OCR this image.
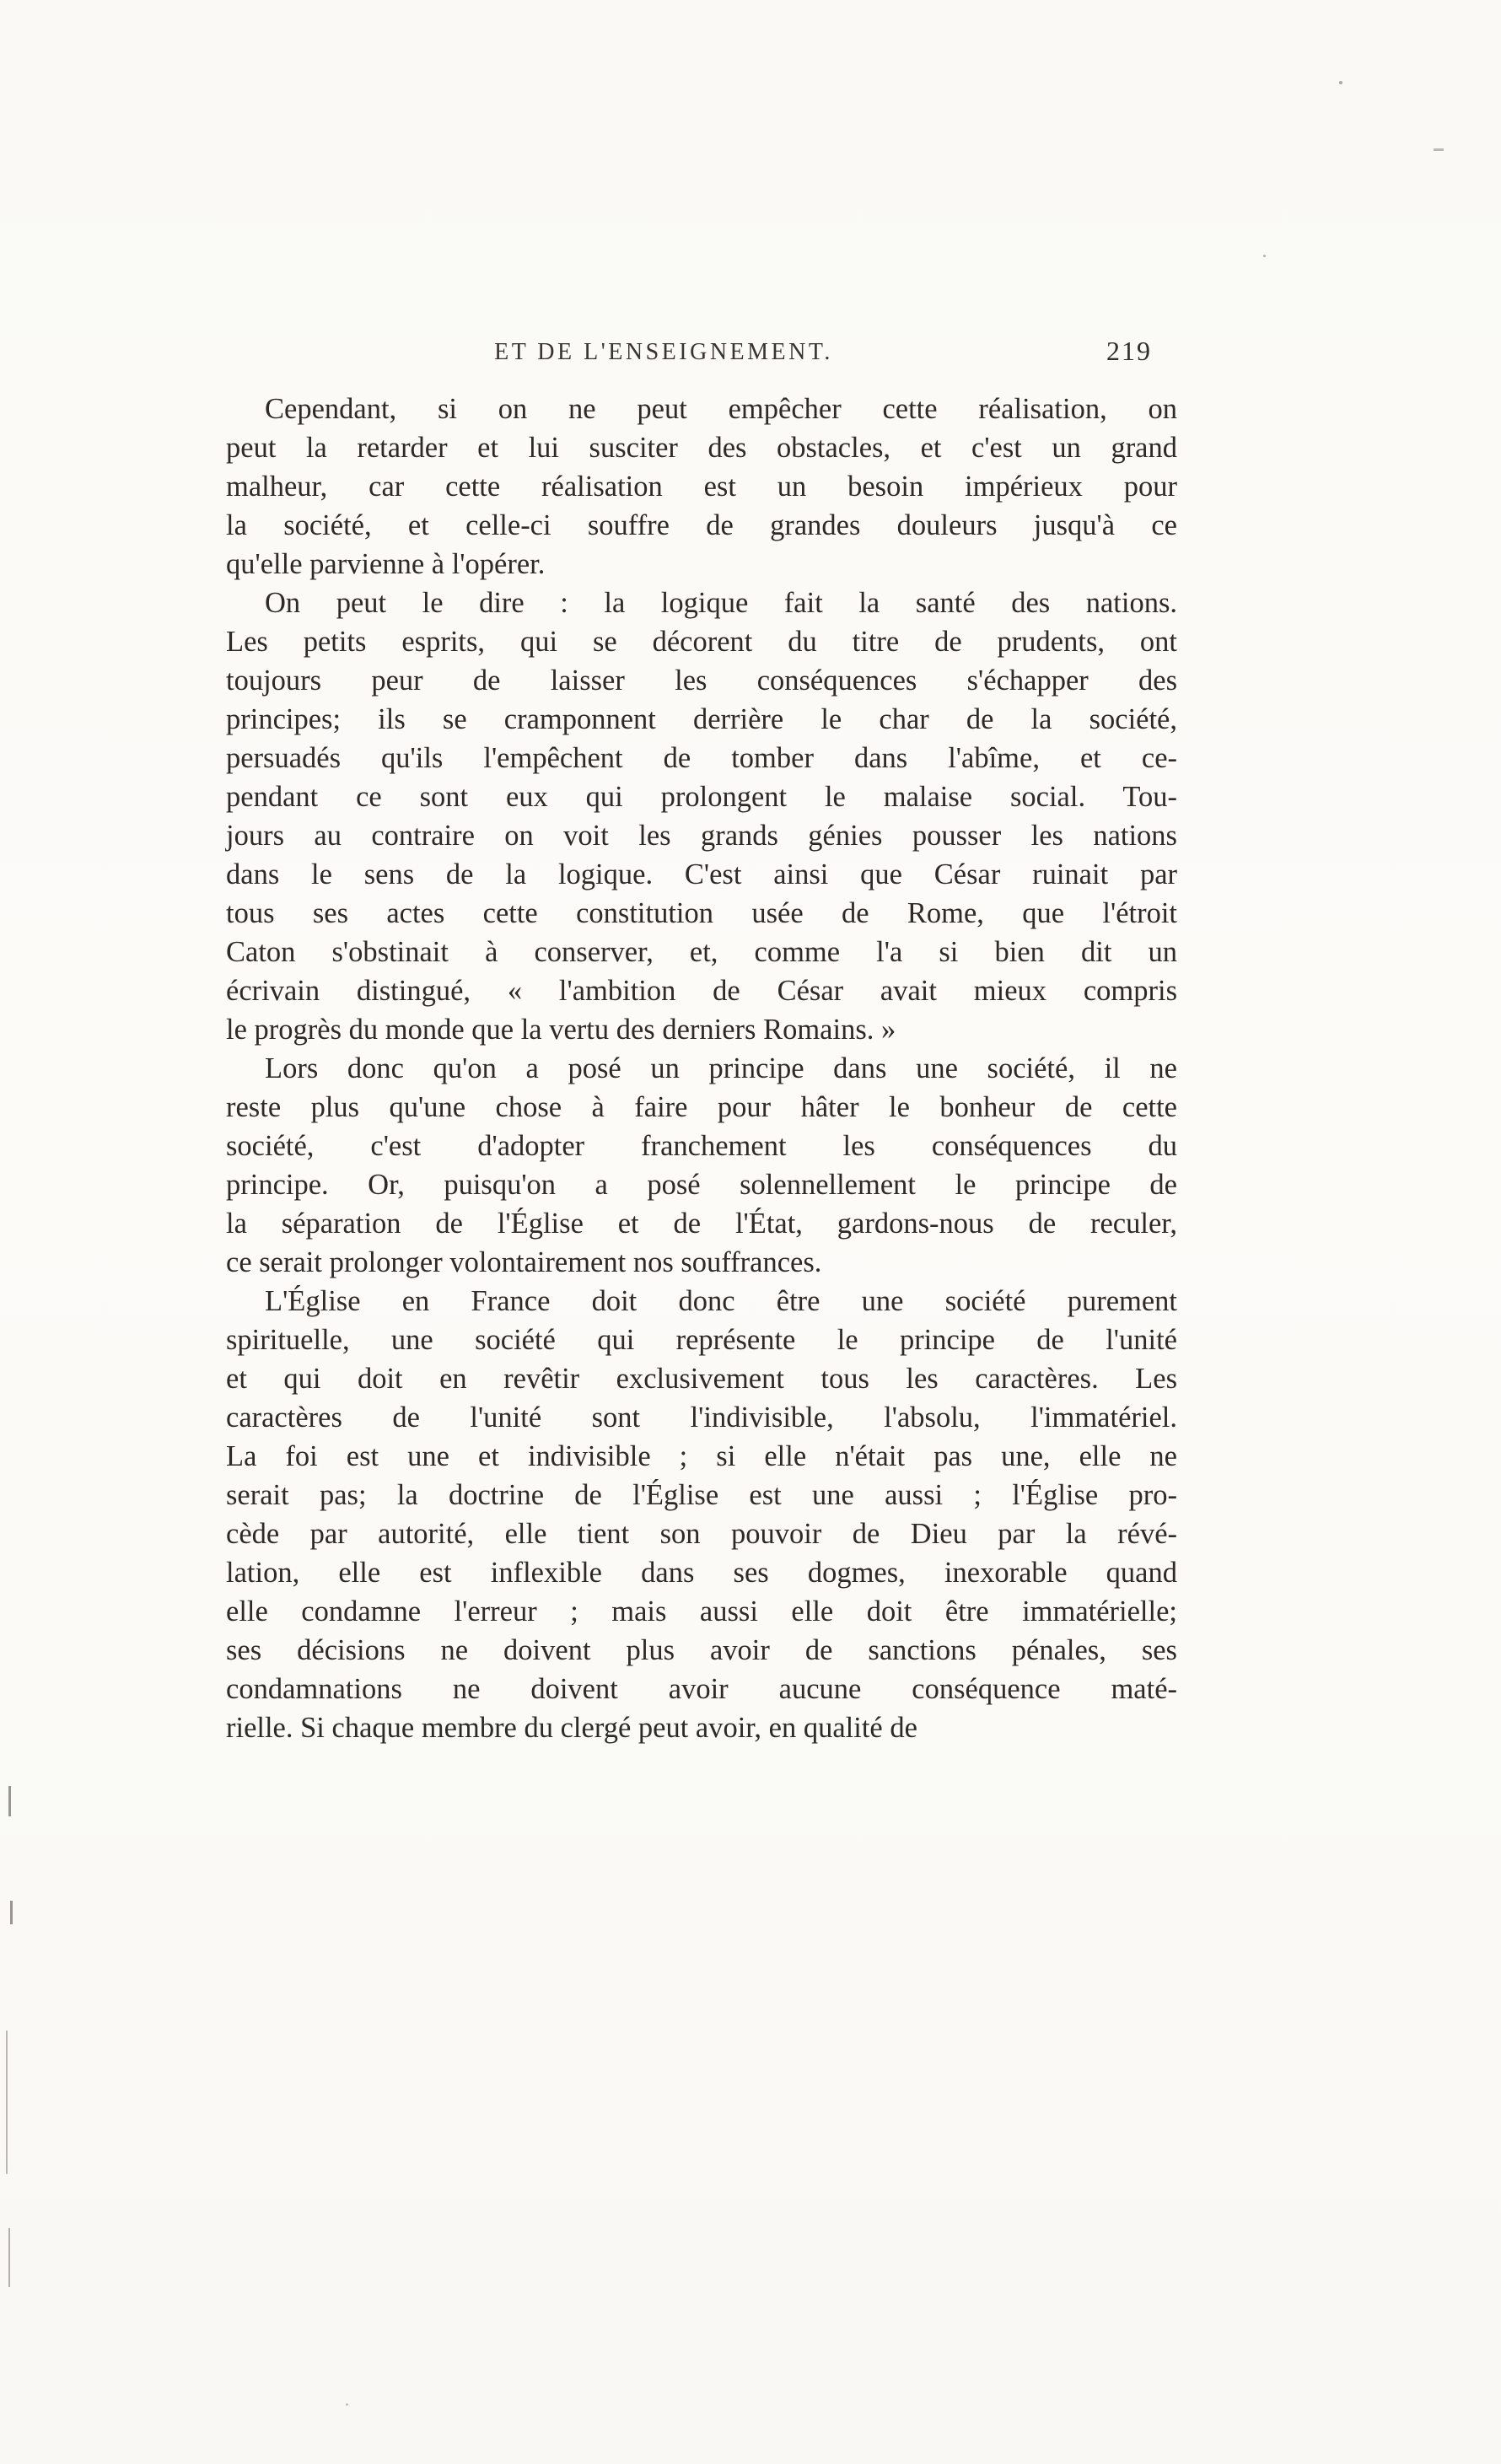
ET DE L'ENSEIGNEMENT.	219
Cependant, si on ne peut empêcher cette réalisation, on
peut la retarder et lui susciter des obstacles, et c'est un grand
malheur, car cette réalisation est un besoin impérieux pour
la société, et celle-ci souffre de grandes douleurs jusqu'à ce
qu'elle parvienne à l'opérer.
On peut le dire : la logique fait la santé des nations.
Les petits esprits, qui se décorent du titre de prudents, ont
toujours peur de laisser les conséquences s'échapper des
principes; ils se cramponnent derrière le char de la société,
persuadés qu'ils l'empêchent de tomber dans l'abîme, et ce-
pendant ce sont eux qui prolongent le malaise social. Tou-
jours au contraire on voit les grands génies pousser les nations
dans le sens de la logique. C'est ainsi que César ruinait par
tous ses actes cette constitution usée de Rome, que l'étroit
Caton s'obstinait à conserver, et, comme l'a si bien dit un
écrivain distingué, « l'ambition de César avait mieux compris
le progrès du monde que la vertu des derniers Romains. »
Lors donc qu'on a posé un principe dans une société, il ne
reste plus qu'une chose à faire pour hâter le bonheur de cette
société, c'est d'adopter franchement les conséquences du
principe. Or, puisqu'on a posé solennellement le principe de
la séparation de l'Église et de l'État, gardons-nous de reculer,
ce serait prolonger volontairement nos souffrances.
L'Église en France doit donc être une société purement
spirituelle, une société qui représente le principe de l'unité
et qui doit en revêtir exclusivement tous les caractères. Les
caractères de l'unité sont l'indivisible, l'absolu, l'immatériel.
La foi est une et indivisible ; si elle n'était pas une, elle ne
serait pas; la doctrine de l'Église est une aussi ; l'Église pro-
cède par autorité, elle tient son pouvoir de Dieu par la révé-
lation, elle est inflexible dans ses dogmes, inexorable quand
elle condamne l'erreur ; mais aussi elle doit être immatérielle;
ses décisions ne doivent plus avoir de sanctions pénales, ses
condamnations ne doivent avoir aucune conséquence maté-
rielle. Si chaque membre du clergé peut avoir, en qualité de
